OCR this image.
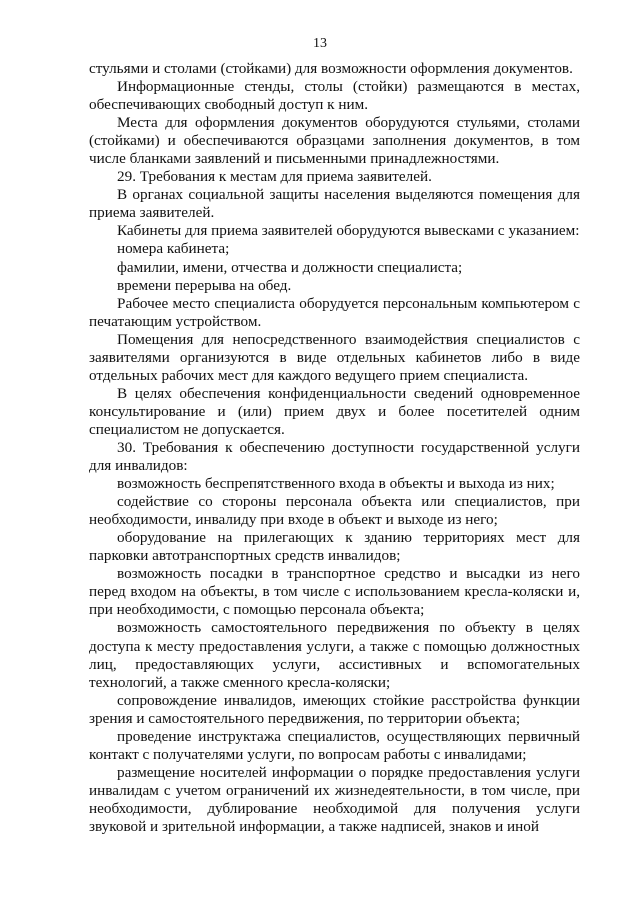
13

стульями и столами (стойками) для возможности оформления документов.

Информационные стенды, столы (стойки) размещаются в местах, обеспечивающих свободный доступ к ним.

Места для оформления документов оборудуются стульями, столами (стойками) и обеспечиваются образцами заполнения документов, в том числе бланками заявлений и письменными принадлежностями.

29. Требования к местам для приема заявителей.

В органах социальной защиты населения выделяются помещения для приема заявителей.

Кабинеты для приема заявителей оборудуются вывесками с указанием:

номера кабинета;

фамилии, имени, отчества и должности специалиста;

времени перерыва на обед.

Рабочее место специалиста оборудуется персональным компьютером с печатающим устройством.

Помещения для непосредственного взаимодействия специалистов с заявителями организуются в виде отдельных кабинетов либо в виде отдельных рабочих мест для каждого ведущего прием специалиста.

В целях обеспечения конфиденциальности сведений одновременное консультирование и (или) прием двух и более посетителей одним специалистом не допускается.

30. Требования к обеспечению доступности государственной услуги для инвалидов:

возможность беспрепятственного входа в объекты и выхода из них;

содействие со стороны персонала объекта или специалистов, при необходимости, инвалиду при входе в объект и выходе из него;

оборудование на прилегающих к зданию территориях мест для парковки автотранспортных средств инвалидов;

возможность посадки в транспортное средство и высадки из него перед входом на объекты, в том числе с использованием кресла-коляски и, при необходимости, с помощью персонала объекта;

возможность самостоятельного передвижения по объекту в целях доступа к месту предоставления услуги, а также с помощью должностных лиц, предоставляющих услуги, ассистивных и вспомогательных технологий, а также сменного кресла-коляски;

сопровождение инвалидов, имеющих стойкие расстройства функции зрения и самостоятельного передвижения, по территории объекта;

проведение инструктажа специалистов, осуществляющих первичный контакт с получателями услуги, по вопросам работы с инвалидами;

размещение носителей информации о порядке предоставления услуги инвалидам с учетом ограничений их жизнедеятельности, в том числе, при необходимости, дублирование необходимой для получения услуги звуковой и зрительной информации, а также надписей, знаков и иной
